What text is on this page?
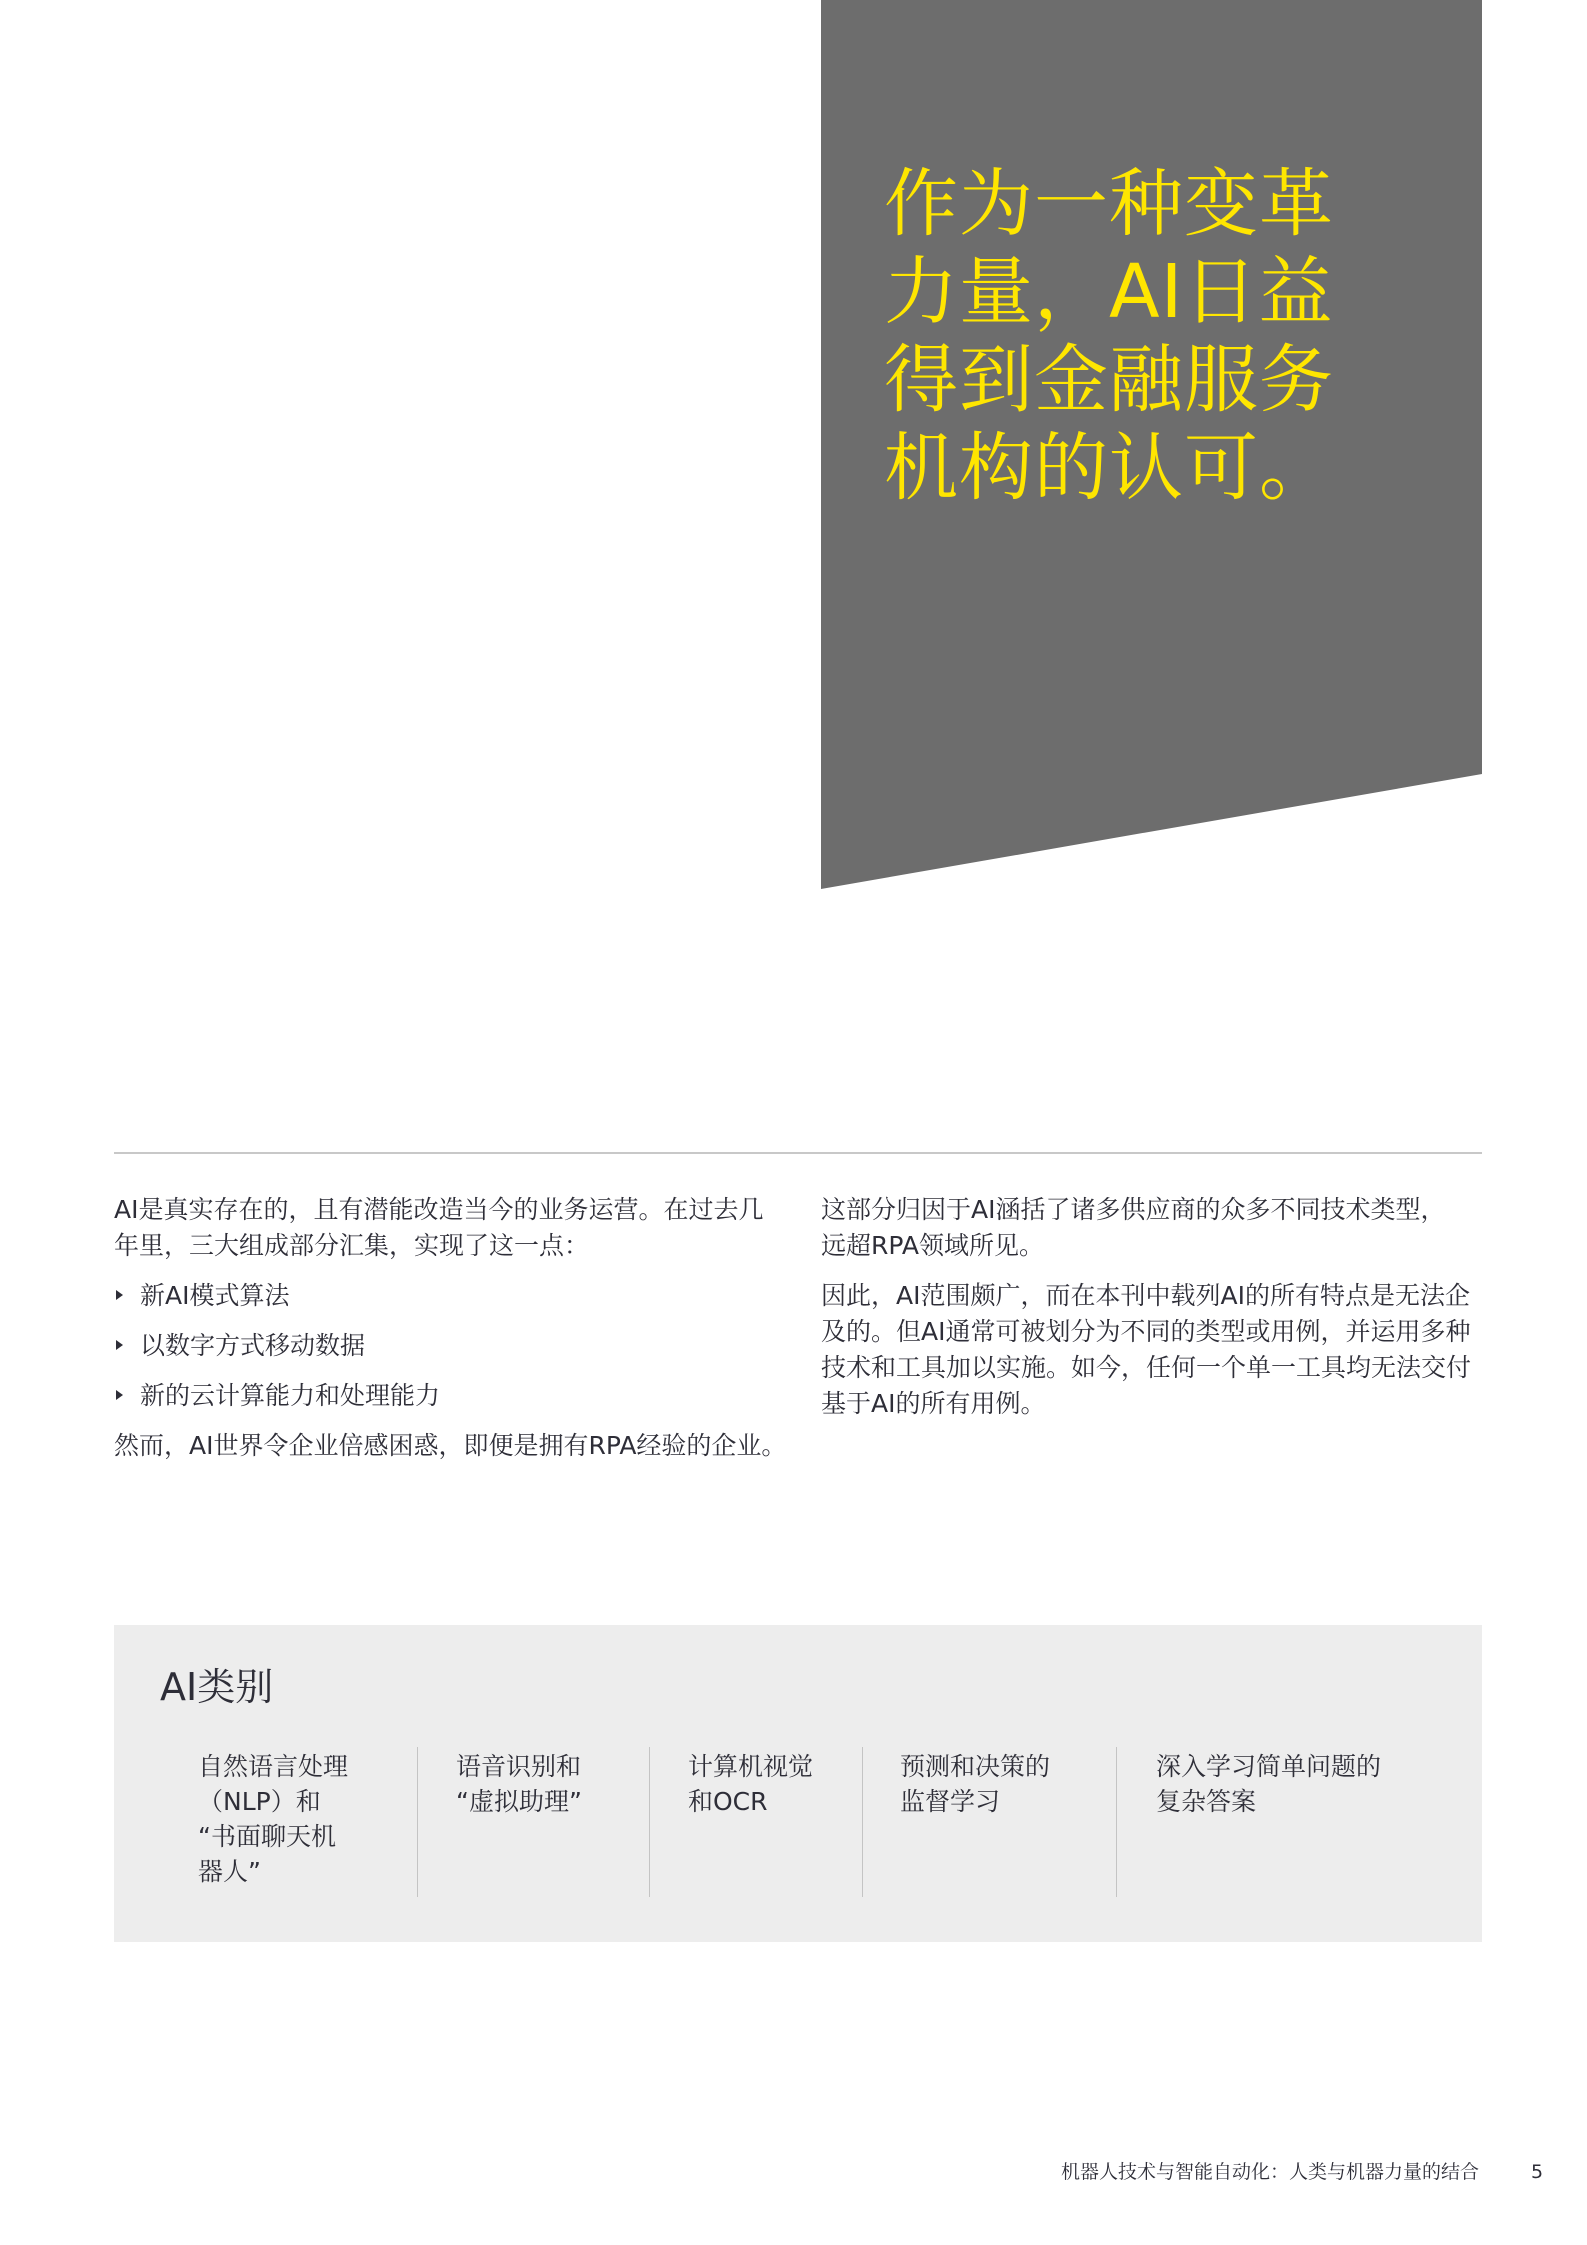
作为一种变革
力量，AI日益
得到金融服务
机构的认可。

AI是真实存在的，且有潜能改造当今的业务运营。在过去几
年里，三大组成部分汇集，实现了这一点：

新AI模式算法
以数字方式移动数据
新的云计算能力和处理能力

然而，AI世界令企业倍感困惑，即便是拥有RPA经验的企业。

这部分归因于AI涵括了诸多供应商的众多不同技术类型，
远超RPA领域所见。

因此，AI范围颇广，而在本刊中载列AI的所有特点是无法企
及的。但AI通常可被划分为不同的类型或用例，并运用多种
技术和工具加以实施。如今，任何一个单一工具均无法交付
基于AI的所有用例。

AI类别
自然语言处理
（NLP）和
“书面聊天机
器人”
语音识别和
“虚拟助理”
计算机视觉
和OCR
预测和决策的
监督学习
深入学习简单问题的
复杂答案
机器人技术与智能自动化：人类与机器力量的结合	5
